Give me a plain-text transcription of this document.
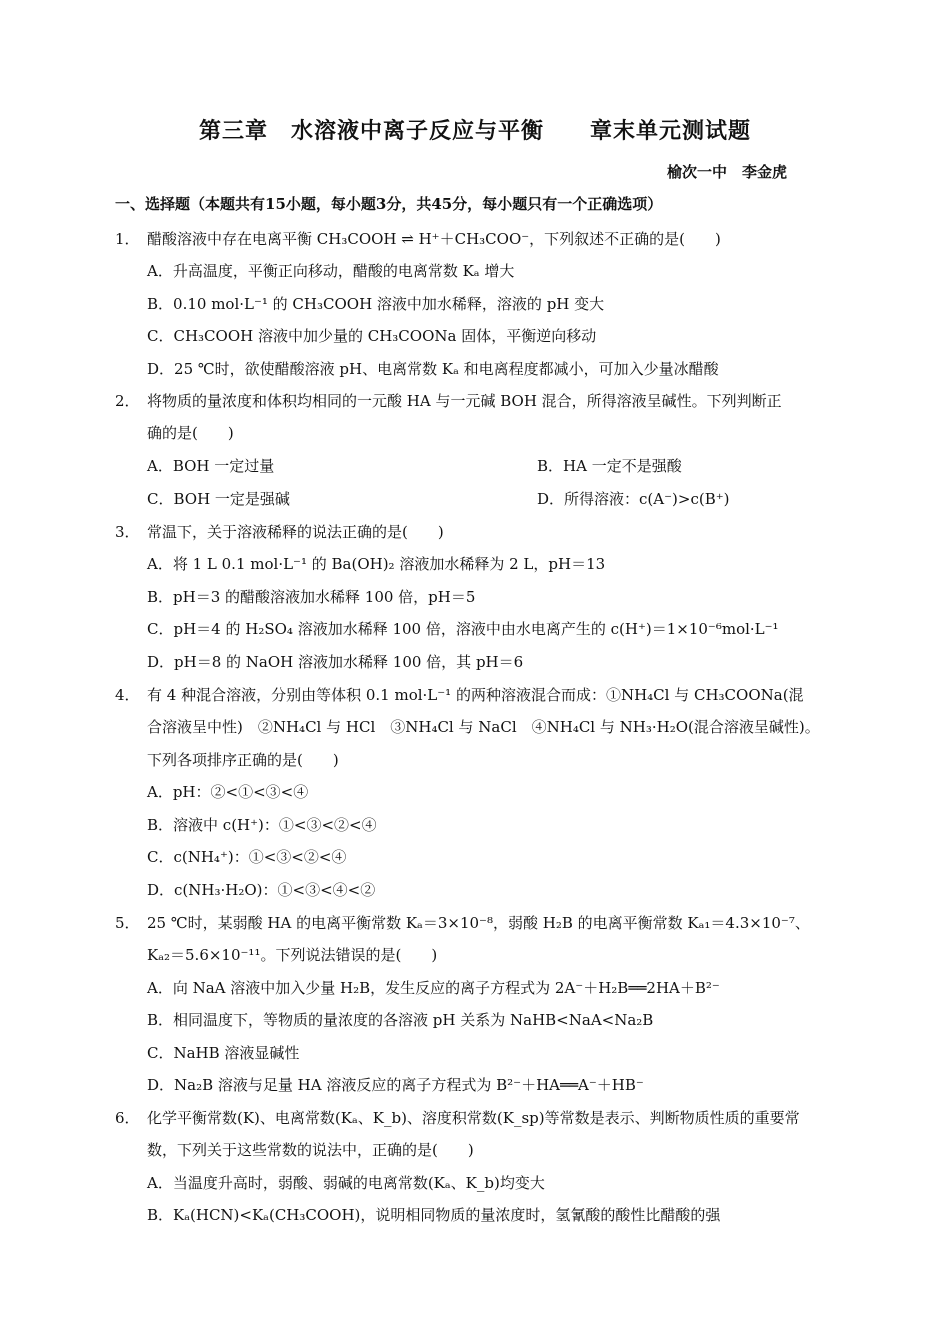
第三章　水溶液中离子反应与平衡　　章末单元测试题
榆次一中　李金虎
一、选择题（本题共有15小题，每小题3分，共45分，每小题只有一个正确选项）
1． 醋酸溶液中存在电离平衡 CH₃COOH ⇌ H⁺＋CH₃COO⁻，下列叙述不正确的是(　　)
A．升高温度，平衡正向移动，醋酸的电离常数 Kₐ 增大
B．0.10 mol·L⁻¹ 的 CH₃COOH 溶液中加水稀释，溶液的 pH 变大
C．CH₃COOH 溶液中加少量的 CH₃COONa 固体，平衡逆向移动
D．25 ℃时，欲使醋酸溶液 pH、电离常数 Kₐ 和电离程度都减小，可加入少量冰醋酸
2． 将物质的量浓度和体积均相同的一元酸 HA 与一元碱 BOH 混合，所得溶液呈碱性。下列判断正
确的是(　　)
A．BOH 一定过量	B．HA 一定不是强酸
C．BOH 一定是强碱	D．所得溶液：c(A⁻)>c(B⁺)
3． 常温下，关于溶液稀释的说法正确的是(　　)
A．将 1 L 0.1 mol·L⁻¹ 的 Ba(OH)₂ 溶液加水稀释为 2 L，pH＝13
B．pH＝3 的醋酸溶液加水稀释 100 倍，pH＝5
C．pH＝4 的 H₂SO₄ 溶液加水稀释 100 倍，溶液中由水电离产生的 c(H⁺)＝1×10⁻⁶mol·L⁻¹
D．pH＝8 的 NaOH 溶液加水稀释 100 倍，其 pH＝6
4． 有 4 种混合溶液，分别由等体积 0.1 mol·L⁻¹ 的两种溶液混合而成：①NH₄Cl 与 CH₃COONa(混
合溶液呈中性)　②NH₄Cl 与 HCl　③NH₄Cl 与 NaCl　④NH₄Cl 与 NH₃·H₂O(混合溶液呈碱性)。
下列各项排序正确的是(　　)
A．pH：②<①<③<④
B．溶液中 c(H⁺)：①<③<②<④
C．c(NH₄⁺)：①<③<②<④
D．c(NH₃·H₂O)：①<③<④<②
5． 25 ℃时，某弱酸 HA 的电离平衡常数 Kₐ＝3×10⁻⁸，弱酸 H₂B 的电离平衡常数 Kₐ₁＝4.3×10⁻⁷、
Kₐ₂＝5.6×10⁻¹¹。下列说法错误的是(　　)
A．向 NaA 溶液中加入少量 H₂B，发生反应的离子方程式为 2A⁻＋H₂B══2HA＋B²⁻
B．相同温度下，等物质的量浓度的各溶液 pH 关系为 NaHB<NaA<Na₂B
C．NaHB 溶液显碱性
D．Na₂B 溶液与足量 HA 溶液反应的离子方程式为 B²⁻＋HA══A⁻＋HB⁻
6． 化学平衡常数(K)、电离常数(Kₐ、K_b)、溶度积常数(K_sp)等常数是表示、判断物质性质的重要常
数，下列关于这些常数的说法中，正确的是(　　)
A．当温度升高时，弱酸、弱碱的电离常数(Kₐ、K_b)均变大
B．Kₐ(HCN)<Kₐ(CH₃COOH)，说明相同物质的量浓度时，氢氰酸的酸性比醋酸的强
